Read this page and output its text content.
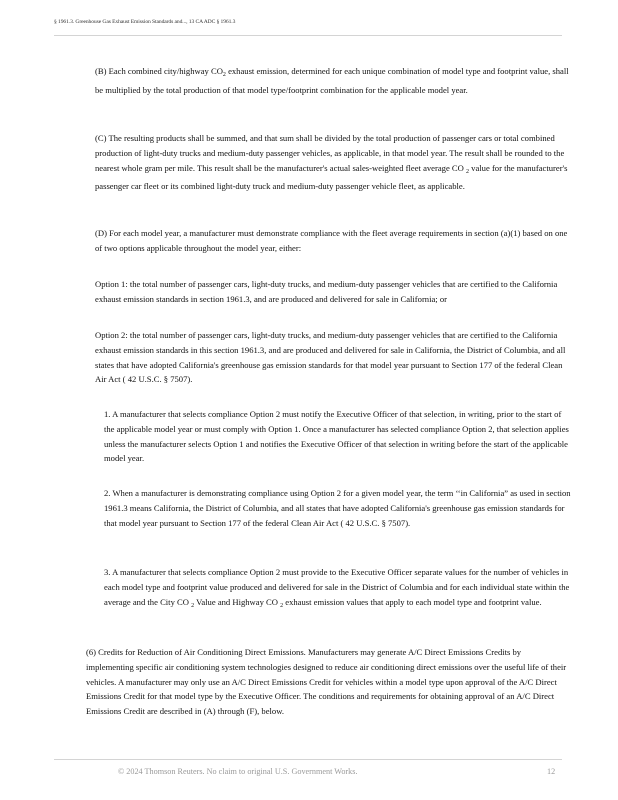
§ 1961.3. Greenhouse Gas Exhaust Emission Standards and..., 13 CA ADC § 1961.3

(B) Each combined city/highway $CO_2$ exhaust emission, determined for each unique combination of model type and footprint value, shall be multiplied by the total production of that model type/footprint combination for the applicable model year.

(C) The resulting products shall be summed, and that sum shall be divided by the total production of passenger cars or total combined production of light-duty trucks and medium-duty passenger vehicles, as applicable, in that model year. The result shall be rounded to the nearest whole gram per mile. This result shall be the manufacturer's actual sales-weighted fleet average CO $_2$ value for the manufacturer's passenger car fleet or its combined light-duty truck and medium-duty passenger vehicle fleet, as applicable.

(D) For each model year, a manufacturer must demonstrate compliance with the fleet average requirements in section (a)(1) based on one of two options applicable throughout the model year, either:

Option 1: the total number of passenger cars, light-duty trucks, and medium-duty passenger vehicles that are certified to the California exhaust emission standards in section 1961.3, and are produced and delivered for sale in California; or

Option 2: the total number of passenger cars, light-duty trucks, and medium-duty passenger vehicles that are certified to the California exhaust emission standards in this section 1961.3, and are produced and delivered for sale in California, the District of Columbia, and all states that have adopted California's greenhouse gas emission standards for that model year pursuant to Section 177 of the federal Clean Air Act ( 42 U.S.C. § 7507).

1. A manufacturer that selects compliance Option 2 must notify the Executive Officer of that selection, in writing, prior to the start of the applicable model year or must comply with Option 1. Once a manufacturer has selected compliance Option 2, that selection applies unless the manufacturer selects Option 1 and notifies the Executive Officer of that selection in writing before the start of the applicable model year.

2. When a manufacturer is demonstrating compliance using Option 2 for a given model year, the term ‘‘in California” as used in section 1961.3 means California, the District of Columbia, and all states that have adopted California's greenhouse gas emission standards for that model year pursuant to Section 177 of the federal Clean Air Act ( 42 U.S.C. § 7507).

3. A manufacturer that selects compliance Option 2 must provide to the Executive Officer separate values for the number of vehicles in each model type and footprint value produced and delivered for sale in the District of Columbia and for each individual state within the average and the City CO $_2$ Value and Highway CO $_2$ exhaust emission values that apply to each model type and footprint value.

(6) Credits for Reduction of Air Conditioning Direct Emissions. Manufacturers may generate A/C Direct Emissions Credits by implementing specific air conditioning system technologies designed to reduce air conditioning direct emissions over the useful life of their vehicles. A manufacturer may only use an A/C Direct Emissions Credit for vehicles within a model type upon approval of the A/C Direct Emissions Credit for that model type by the Executive Officer. The conditions and requirements for obtaining approval of an A/C Direct Emissions Credit are described in (A) through (F), below.

© 2024 Thomson Reuters. No claim to original U.S. Government Works.	12
